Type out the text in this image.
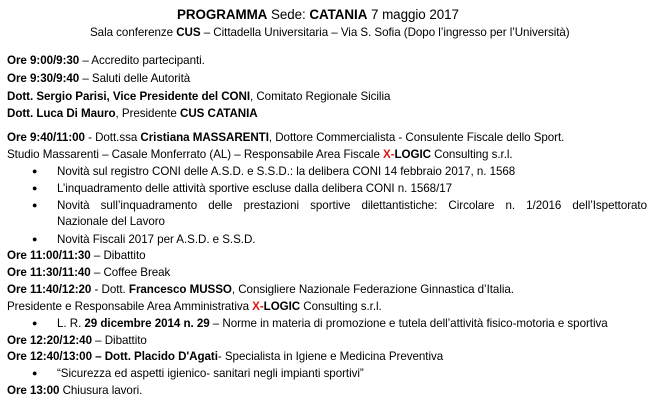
PROGRAMMA Sede: CATANIA 7 maggio 2017
Sala conferenze CUS – Cittadella Universitaria – Via S. Sofia (Dopo l’ingresso per l’Università)
Ore 9:00/9:30 – Accredito partecipanti.
Ore 9:30/9:40 – Saluti delle Autorità
Dott. Sergio Parisi, Vice Presidente del CONI, Comitato Regionale Sicilia
Dott. Luca Di Mauro, Presidente CUS CATANIA
Ore 9:40/11:00 - Dott.ssa Cristiana MASSARENTI, Dottore Commercialista - Consulente Fiscale dello Sport.
Studio Massarenti – Casale Monferrato (AL) – Responsabile Area Fiscale X-LOGIC Consulting s.r.l.
● Novità sul registro CONI delle A.S.D. e S.S.D.: la delibera CONI 14 febbraio 2017, n. 1568
● L’inquadramento delle attività sportive escluse dalla delibera CONI n. 1568/17
● Novità sull’inquadramento delle prestazioni sportive dilettantistiche: Circolare n. 1/2016 dell’Ispettorato
Nazionale del Lavoro
● Novità Fiscali 2017 per A.S.D. e S.S.D.
Ore 11:00/11:30 – Dibattito
Ore 11:30/11:40 – Coffee Break
Ore 11:40/12:20 - Dott. Francesco MUSSO, Consigliere Nazionale Federazione Ginnastica d’Italia.
Presidente e Responsabile Area Amministrativa X-LOGIC Consulting s.r.l.
● L. R. 29 dicembre 2014 n. 29 – Norme in materia di promozione e tutela dell’attività fisico-motoria e sportiva
Ore 12:20/12:40 – Dibattito
Ore 12:40/13:00 – Dott. Placido D'Agati- Specialista in Igiene e Medicina Preventiva
● “Sicurezza ed aspetti igienico- sanitari negli impianti sportivi”
Ore 13:00 Chiusura lavori.
